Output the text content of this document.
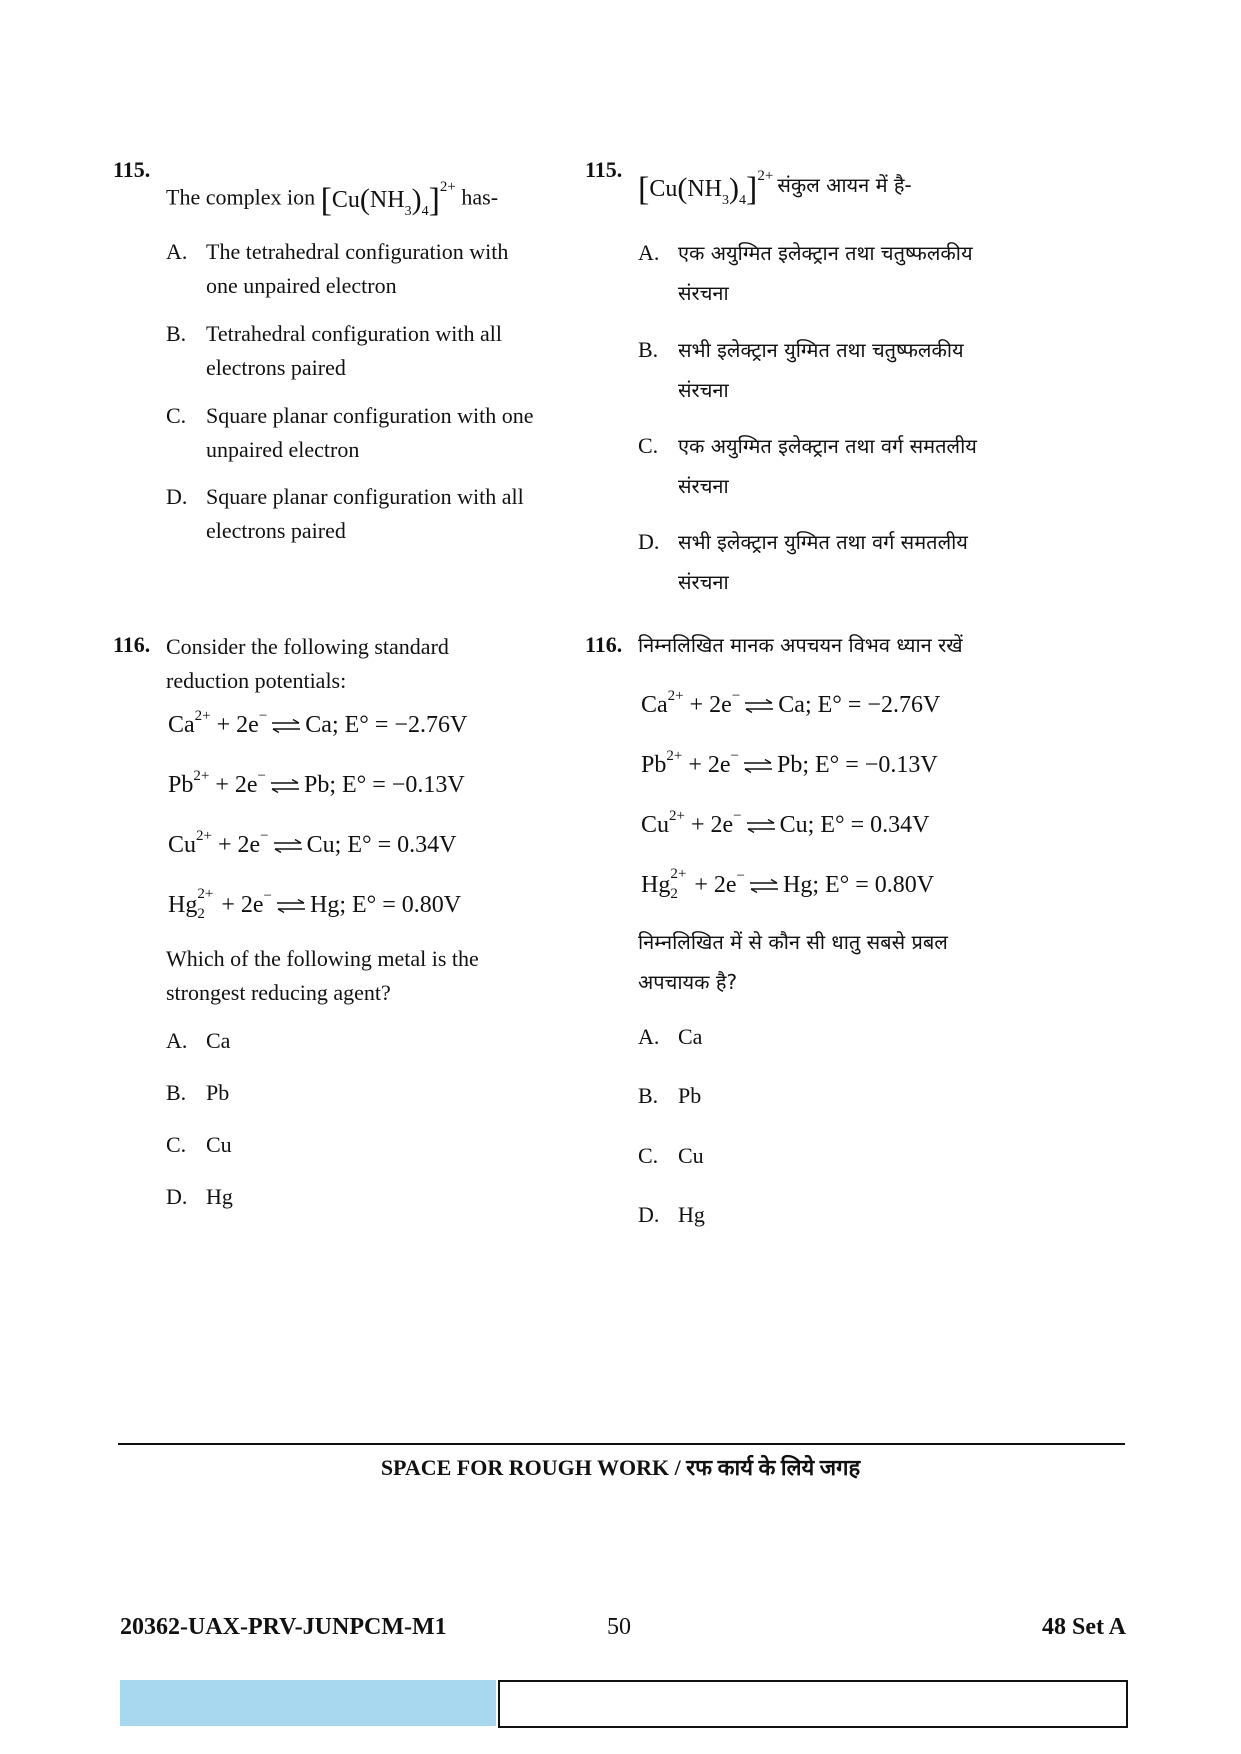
115.
The complex ion $[Cu(NH_3)_4]^{2+}$ has-
A. The tetrahedral configuration with one unpaired electron
B. Tetrahedral configuration with all electrons paired
C. Square planar configuration with one unpaired electron
D. Square planar configuration with all electrons paired
116. Consider the following standard reduction potentials:
$Ca^{2+} + 2e^-$ ⇌ Ca; E° = −2.76V
$Pb^{2+} + 2e^-$ ⇌ Pb; E° = −0.13V
$Cu^{2+} + 2e^-$ ⇌ Cu; E° = 0.34V
Hg 2+
2 + 2e− ⇌ Hg; E° = 0.80V
Which of the following metal is the strongest reducing agent?
A. Ca
B. Pb
C. Cu
D. Hg
115.
$[Cu(NH_3)_4]^{2+}$ संकुल आयन में है-
A. एक अयुग्मित इलेक्ट्रान तथा चतुष्फलकीय संरचना
B. सभी इलेक्ट्रान युग्मित तथा चतुष्फलकीय संरचना
C. एक अयुग्मित इलेक्ट्रान तथा वर्ग समतलीय संरचना
D. सभी इलेक्ट्रान युग्मित तथा वर्ग समतलीय संरचना
116. निम्नलिखित मानक अपचयन विभव ध्यान रखें
$Ca^{2+} + 2e^-$ ⇌ Ca; E° = −2.76V
$Pb^{2+} + 2e^-$ ⇌ Pb; E° = −0.13V
$Cu^{2+} + 2e^-$ ⇌ Cu; E° = 0.34V
Hg 2+
2 + 2e− ⇌ Hg; E° = 0.80V
निम्नलिखित में से कौन सी धातु सबसे प्रबल अपचायक है?
A. Ca
B. Pb
C. Cu
D. Hg
SPACE FOR ROUGH WORK / रफ कार्य के लिये जगह
20362-UAX-PRV-JUNPCM-M1	50	48 Set A
